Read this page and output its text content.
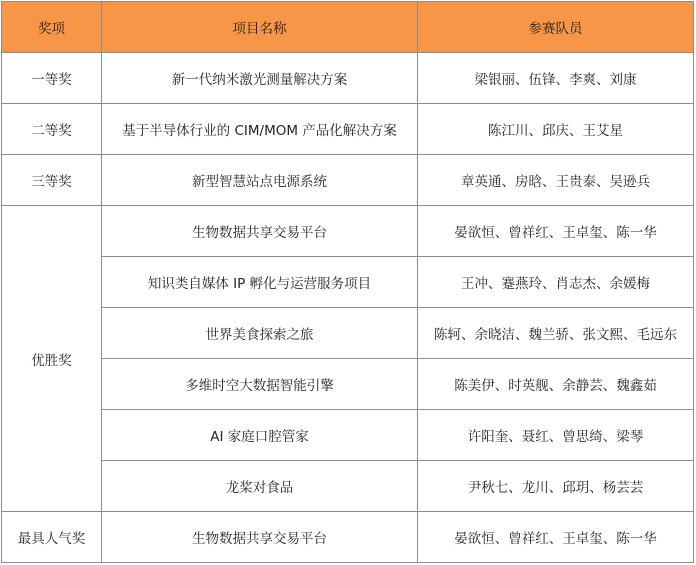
奖项	项目名称	参赛队员
一等奖	新一代纳米激光测量解决方案	梁银丽、伍锋、李爽、刘康
二等奖	基于半导体行业的 CIM/MOM 产品化解决方案	陈江川、邱庆、王艾星
三等奖	新型智慧站点电源系统	章英通、房晗、王贵泰、吴逊兵
优胜奖	生物数据共享交易平台	晏欲恒、曾祥红、王卓玺、陈一华
	知识类自媒体 IP 孵化与运营服务项目	王冲、蹇燕玲、肖志杰、余媛梅
	世界美食探索之旅	陈轲、余晓洁、魏兰骄、张文熙、毛远东
	多维时空大数据智能引擎	陈美伊、时英舰、余静芸、魏鑫茹
	AI 家庭口腔管家	许阳奎、聂红、曾思绮、梁琴
	龙桨对食品	尹秋七、龙川、邱玥、杨芸芸
最具人气奖	生物数据共享交易平台	晏欲恒、曾祥红、王卓玺、陈一华
